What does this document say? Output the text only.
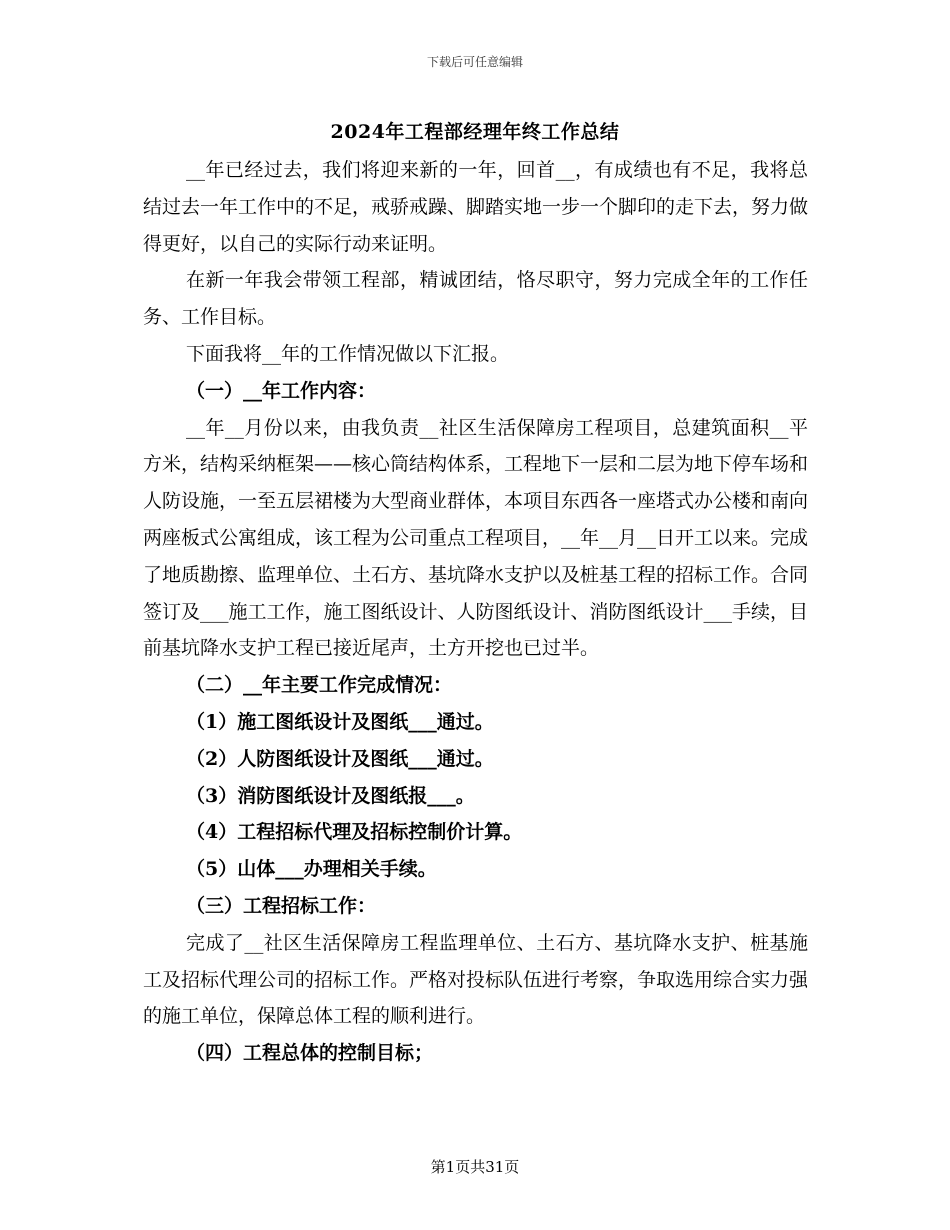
下载后可任意编辑
2024年工程部经理年终工作总结

__年已经过去，我们将迎来新的一年，回首__，有成绩也有不足，我将总结过去一年工作中的不足，戒骄戒躁、脚踏实地一步一个脚印的走下去，努力做得更好，以自己的实际行动来证明。

在新一年我会带领工程部，精诚团结，恪尽职守，努力完成全年的工作任务、工作目标。

下面我将__年的工作情况做以下汇报。

（一）__年工作内容：

__年__月份以来，由我负责__社区生活保障房工程项目，总建筑面积__平方米，结构采纳框架——核心筒结构体系，工程地下一层和二层为地下停车场和人防设施，一至五层裙楼为大型商业群体，本项目东西各一座塔式办公楼和南向两座板式公寓组成，该工程为公司重点工程项目，__年__月__日开工以来。完成了地质勘擦、监理单位、土石方、基坑降水支护以及桩基工程的招标工作。合同签订及___施工工作，施工图纸设计、人防图纸设计、消防图纸设计___手续，目前基坑降水支护工程已接近尾声，土方开挖也已过半。

（二）__年主要工作完成情况：

（1）施工图纸设计及图纸___通过。

（2）人防图纸设计及图纸___通过。

（3）消防图纸设计及图纸报___。

（4）工程招标代理及招标控制价计算。

（5）山体___办理相关手续。

（三）工程招标工作：

完成了__社区生活保障房工程监理单位、土石方、基坑降水支护、桩基施工及招标代理公司的招标工作。严格对投标队伍进行考察，争取选用综合实力强的施工单位，保障总体工程的顺利进行。

（四）工程总体的控制目标；

第1页共31页
